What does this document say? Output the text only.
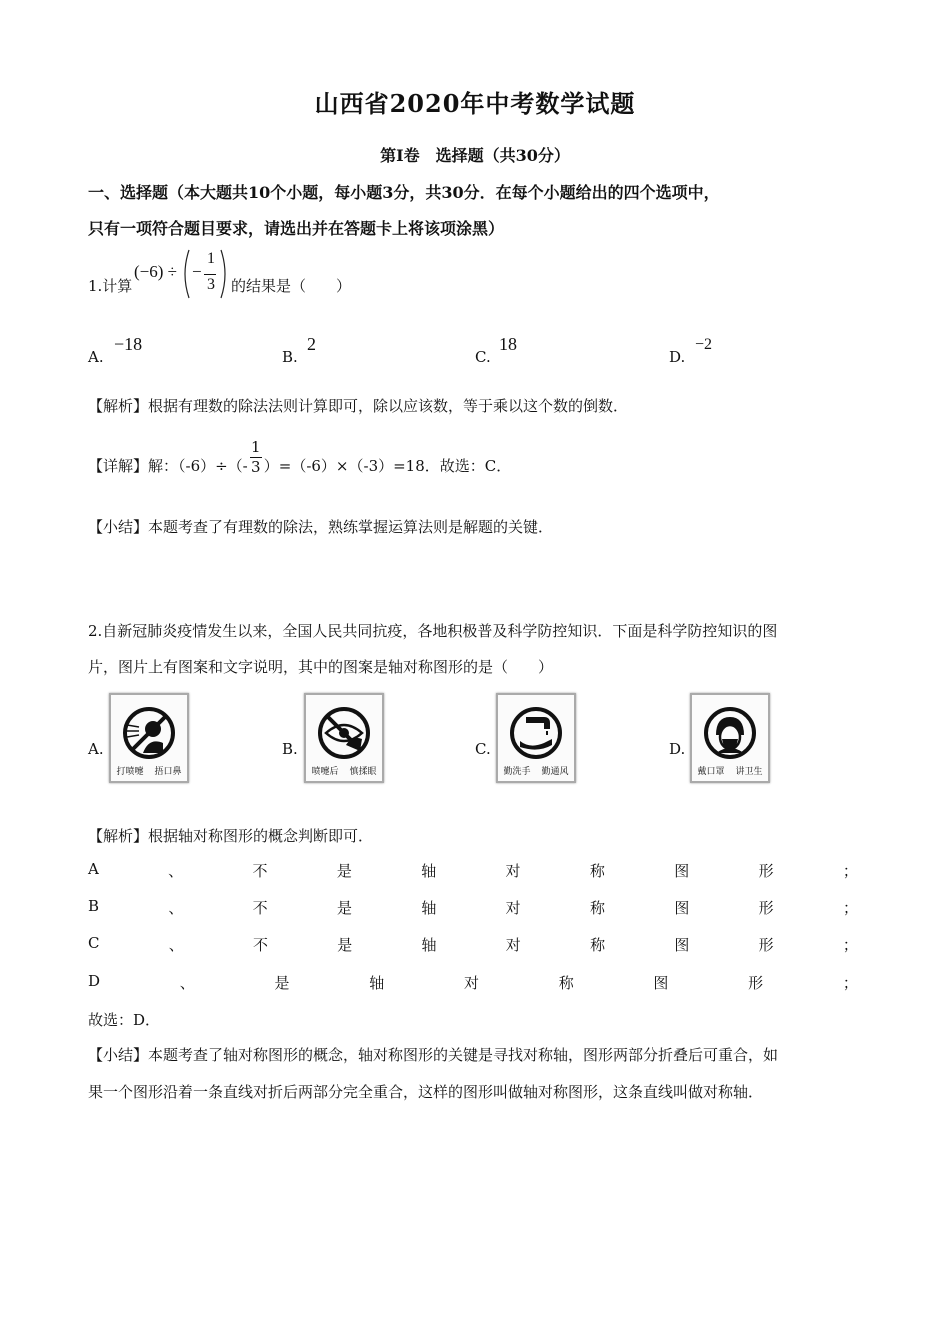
山西省2020年中考数学试题
第Ⅰ卷　选择题（共30分）
一、选择题（本大题共10个小题，每小题3分，共30分．在每个小题给出的四个选项中，
只有一项符合题目要求，请选出并在答题卡上将该项涂黑）
1.计算
(−6) ÷ −
1
3 的结果是（　　）
A.
−18
B.
2
C.
18
D.
−2
【解析】根据有理数的除法法则计算即可，除以应该数，等于乘以这个数的倒数．
【详解】解：$(-6)\div(- \frac{1}{3} )=(-6)\times(-3)=18$．故选：C．
【小结】本题考查了有理数的除法，熟练掌握运算法则是解题的关键．
2.自新冠肺炎疫情发生以来，全国人民共同抗疫，各地积极普及科学防控知识．下面是科学防控知识的图
片，图片上有图案和文字说明，其中的图案是轴对称图形的是（　　）
A.
打喷嚏 捂口鼻
B.
喷嚏后 慎揉眼
C.
勤洗手 勤通风
D.
戴口罩 讲卫生
【解析】根据轴对称图形的概念判断即可．
A	、	不	是	轴	对	称	图	形	；
B	、	不	是	轴	对	称	图	形	；
C	、	不	是	轴	对	称	图	形	；
D	、	是	轴	对	称	图	形	；
故选：D．
【小结】本题考查了轴对称图形的概念，轴对称图形的关键是寻找对称轴，图形两部分折叠后可重合，如
果一个图形沿着一条直线对折后两部分完全重合，这样的图形叫做轴对称图形，这条直线叫做对称轴．
